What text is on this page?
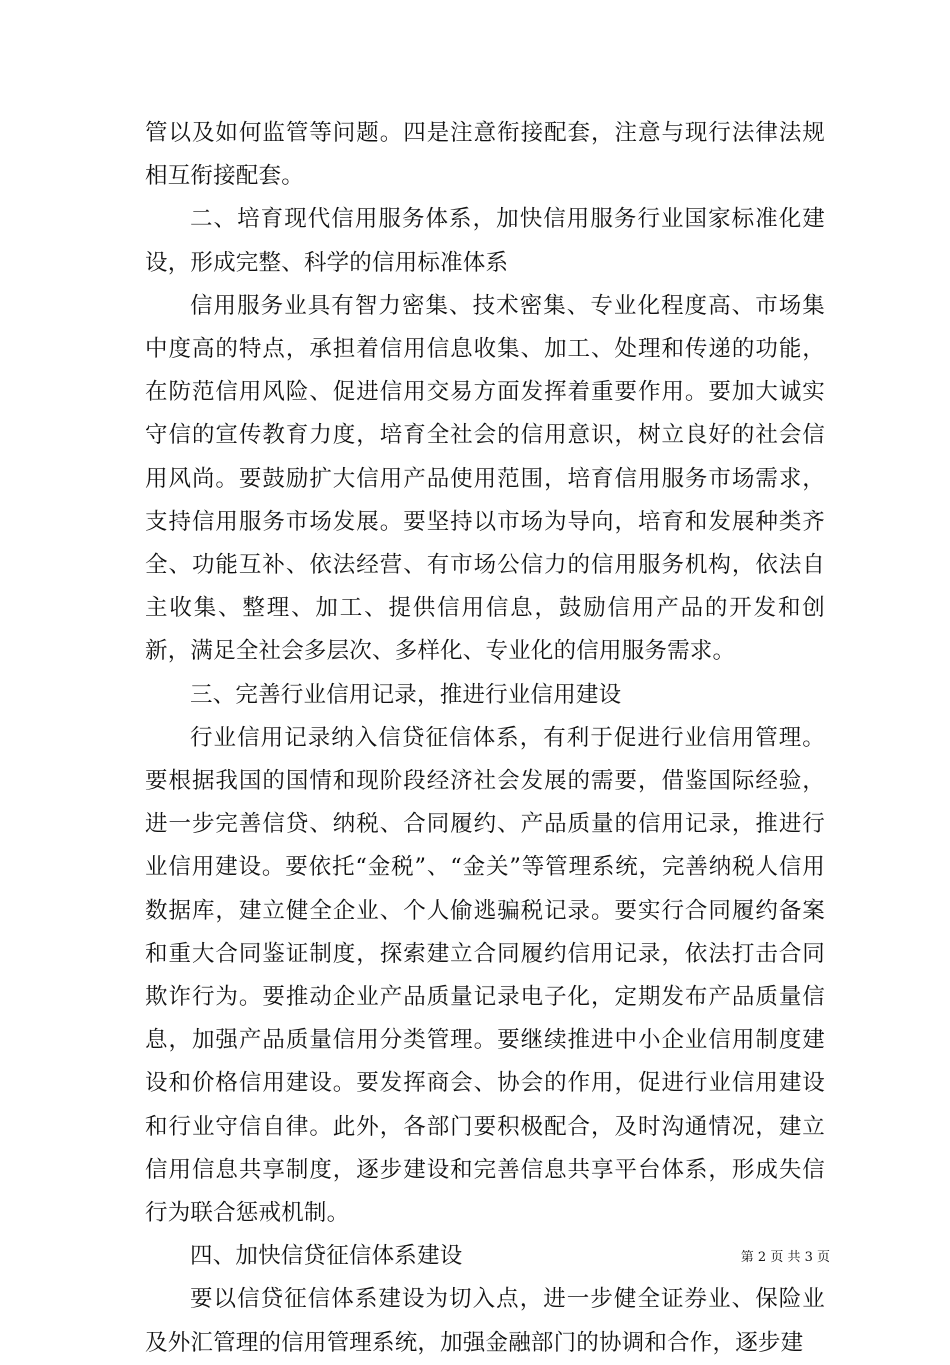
管以及如何监管等问题。四是注意衔接配套，注意与现行法律法规相互衔接配套。

二、培育现代信用服务体系，加快信用服务行业国家标准化建设，形成完整、科学的信用标准体系

信用服务业具有智力密集、技术密集、专业化程度高、市场集中度高的特点，承担着信用信息收集、加工、处理和传递的功能，在防范信用风险、促进信用交易方面发挥着重要作用。要加大诚实守信的宣传教育力度，培育全社会的信用意识，树立良好的社会信用风尚。要鼓励扩大信用产品使用范围，培育信用服务市场需求，支持信用服务市场发展。要坚持以市场为导向，培育和发展种类齐全、功能互补、依法经营、有市场公信力的信用服务机构，依法自主收集、整理、加工、提供信用信息，鼓励信用产品的开发和创新，满足全社会多层次、多样化、专业化的信用服务需求。

三、完善行业信用记录，推进行业信用建设

行业信用记录纳入信贷征信体系，有利于促进行业信用管理。要根据我国的国情和现阶段经济社会发展的需要，借鉴国际经验，进一步完善信贷、纳税、合同履约、产品质量的信用记录，推进行业信用建设。要依托“金税”、“金关”等管理系统，完善纳税人信用数据库，建立健全企业、个人偷逃骗税记录。要实行合同履约备案和重大合同鉴证制度，探索建立合同履约信用记录，依法打击合同欺诈行为。要推动企业产品质量记录电子化，定期发布产品质量信息，加强产品质量信用分类管理。要继续推进中小企业信用制度建设和价格信用建设。要发挥商会、协会的作用，促进行业信用建设和行业守信自律。此外，各部门要积极配合，及时沟通情况，建立信用信息共享制度，逐步建设和完善信息共享平台体系，形成失信行为联合惩戒机制。

四、加快信贷征信体系建设

要以信贷征信体系建设为切入点，进一步健全证券业、保险业及外汇管理的信用管理系统，加强金融部门的协调和合作，逐步建

第 2 页 共 3 页
